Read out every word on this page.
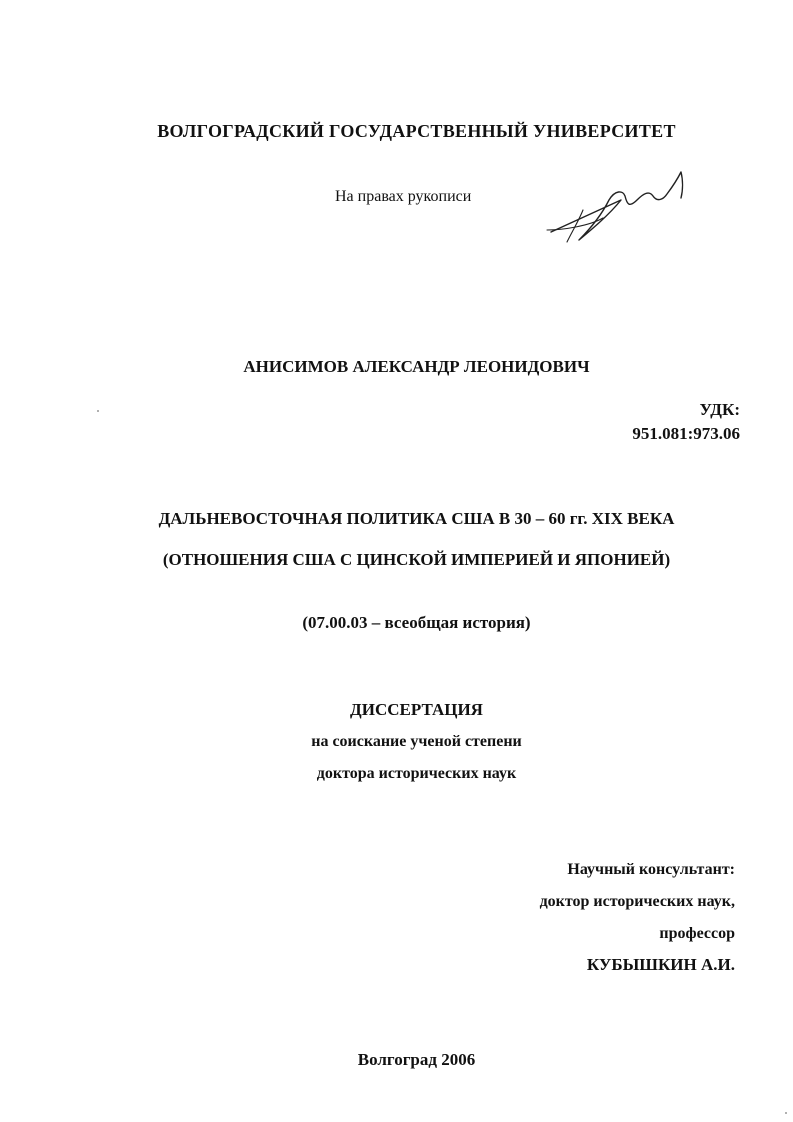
ВОЛГОГРАДСКИЙ ГОСУДАРСТВЕННЫЙ УНИВЕРСИТЕТ
На правах рукописи
АНИСИМОВ АЛЕКСАНДР ЛЕОНИДОВИЧ
УДК:
951.081:973.06
ДАЛЬНЕВОСТОЧНАЯ ПОЛИТИКА США В 30 – 60 гг. XIX ВЕКА
(ОТНОШЕНИЯ США С ЦИНСКОЙ ИМПЕРИЕЙ И ЯПОНИЕЙ)
(07.00.03 – всеобщая история)
ДИССЕРТАЦИЯ
на соискание ученой степени
доктора исторических наук
Научный консультант:
доктор исторических наук,
профессор
КУБЫШКИН А.И.
Волгоград 2006
